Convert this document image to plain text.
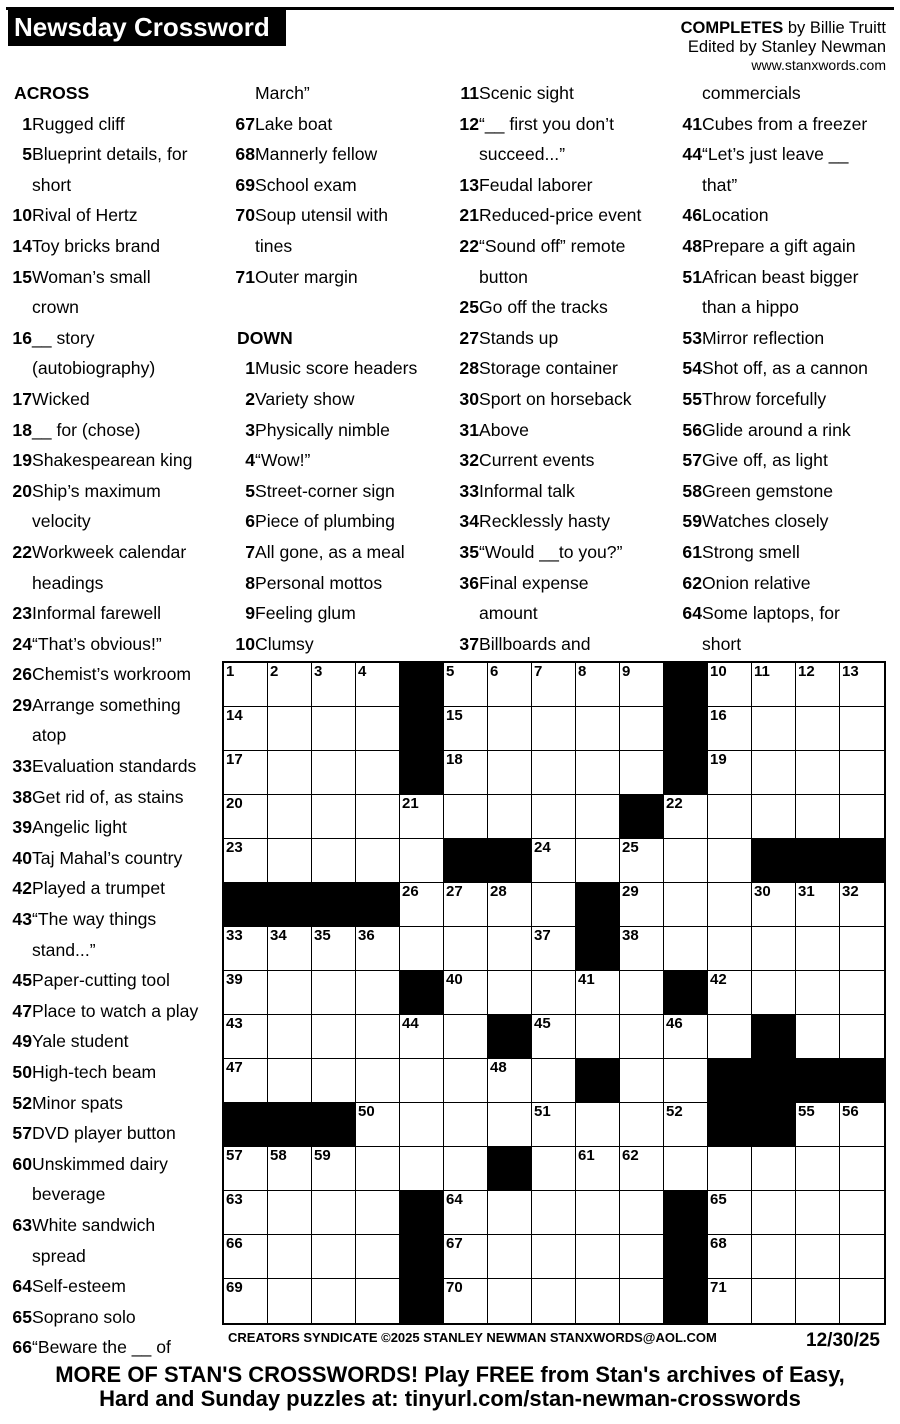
Newsday Crossword	COMPLETES by Billie Truitt
Edited by Stanley Newman
www.stanxwords.com
ACROSS
1 Rugged cliff
5 Blueprint details, for
short
10 Rival of Hertz
14 Toy bricks brand
15 Woman’s small
crown
16 __ story
(autobiography)
17 Wicked
18 __ for (chose)
19 Shakespearean king
20 Ship’s maximum
velocity
22 Workweek calendar
headings
23 Informal farewell
24 “That’s obvious!”
26 Chemist’s workroom
29 Arrange something
atop
33 Evaluation standards
38 Get rid of, as stains
39 Angelic light
40 Taj Mahal’s country
42 Played a trumpet
43 “The way things
stand...”
45 Paper-cutting tool
47 Place to watch a play
49 Yale student
50 High-tech beam
52 Minor spats
57 DVD player button
60 Unskimmed dairy
beverage
63 White sandwich
spread
64 Self-esteem
65 Soprano solo
66 “Beware the __ of
March”
67 Lake boat
68 Mannerly fellow
69 School exam
70 Soup utensil with
tines
71 Outer margin
DOWN
1 Music score headers
2 Variety show
3 Physically nimble
4 “Wow!”
5 Street-corner sign
6 Piece of plumbing
7 All gone, as a meal
8 Personal mottos
9 Feeling glum
10 Clumsy
11 Scenic sight
12 “__ first you don’t
succeed...”
13 Feudal laborer
21 Reduced-price event
22 “Sound off” remote
button
25 Go off the tracks
27 Stands up
28 Storage container
30 Sport on horseback
31 Above
32 Current events
33 Informal talk
34 Recklessly hasty
35 “Would __to you?”
36 Final expense
amount
37 Billboards and
commercials
41 Cubes from a freezer
44 “Let’s just leave __
that”
46 Location
48 Prepare a gift again
51 African beast bigger
than a hippo
53 Mirror reflection
54 Shot off, as a cannon
55 Throw forcefully
56 Glide around a rink
57 Give off, as light
58 Green gemstone
59 Watches closely
61 Strong smell
62 Onion relative
64 Some laptops, for
short
1 2 3 4	5 6 7 8 9	10 11 12 13
14	15	16
17	18	19
20	21	22
23	24	25
26 27 28	29	30 31 32
33 34 35 36	37	38
39	40	41	42
43	44	45	46
47	48
50	51	52	55 56
57 58 59	61 62
63	64	65
66	67	68
69	70	71
CREATORS SYNDICATE ©2025 STANLEY NEWMAN STANXWORDS@AOL.COM	12/30/25
MORE OF STAN'S CROSSWORDS! Play FREE from Stan's archives of Easy,
Hard and Sunday puzzles at: tinyurl.com/stan-newman-crosswords
